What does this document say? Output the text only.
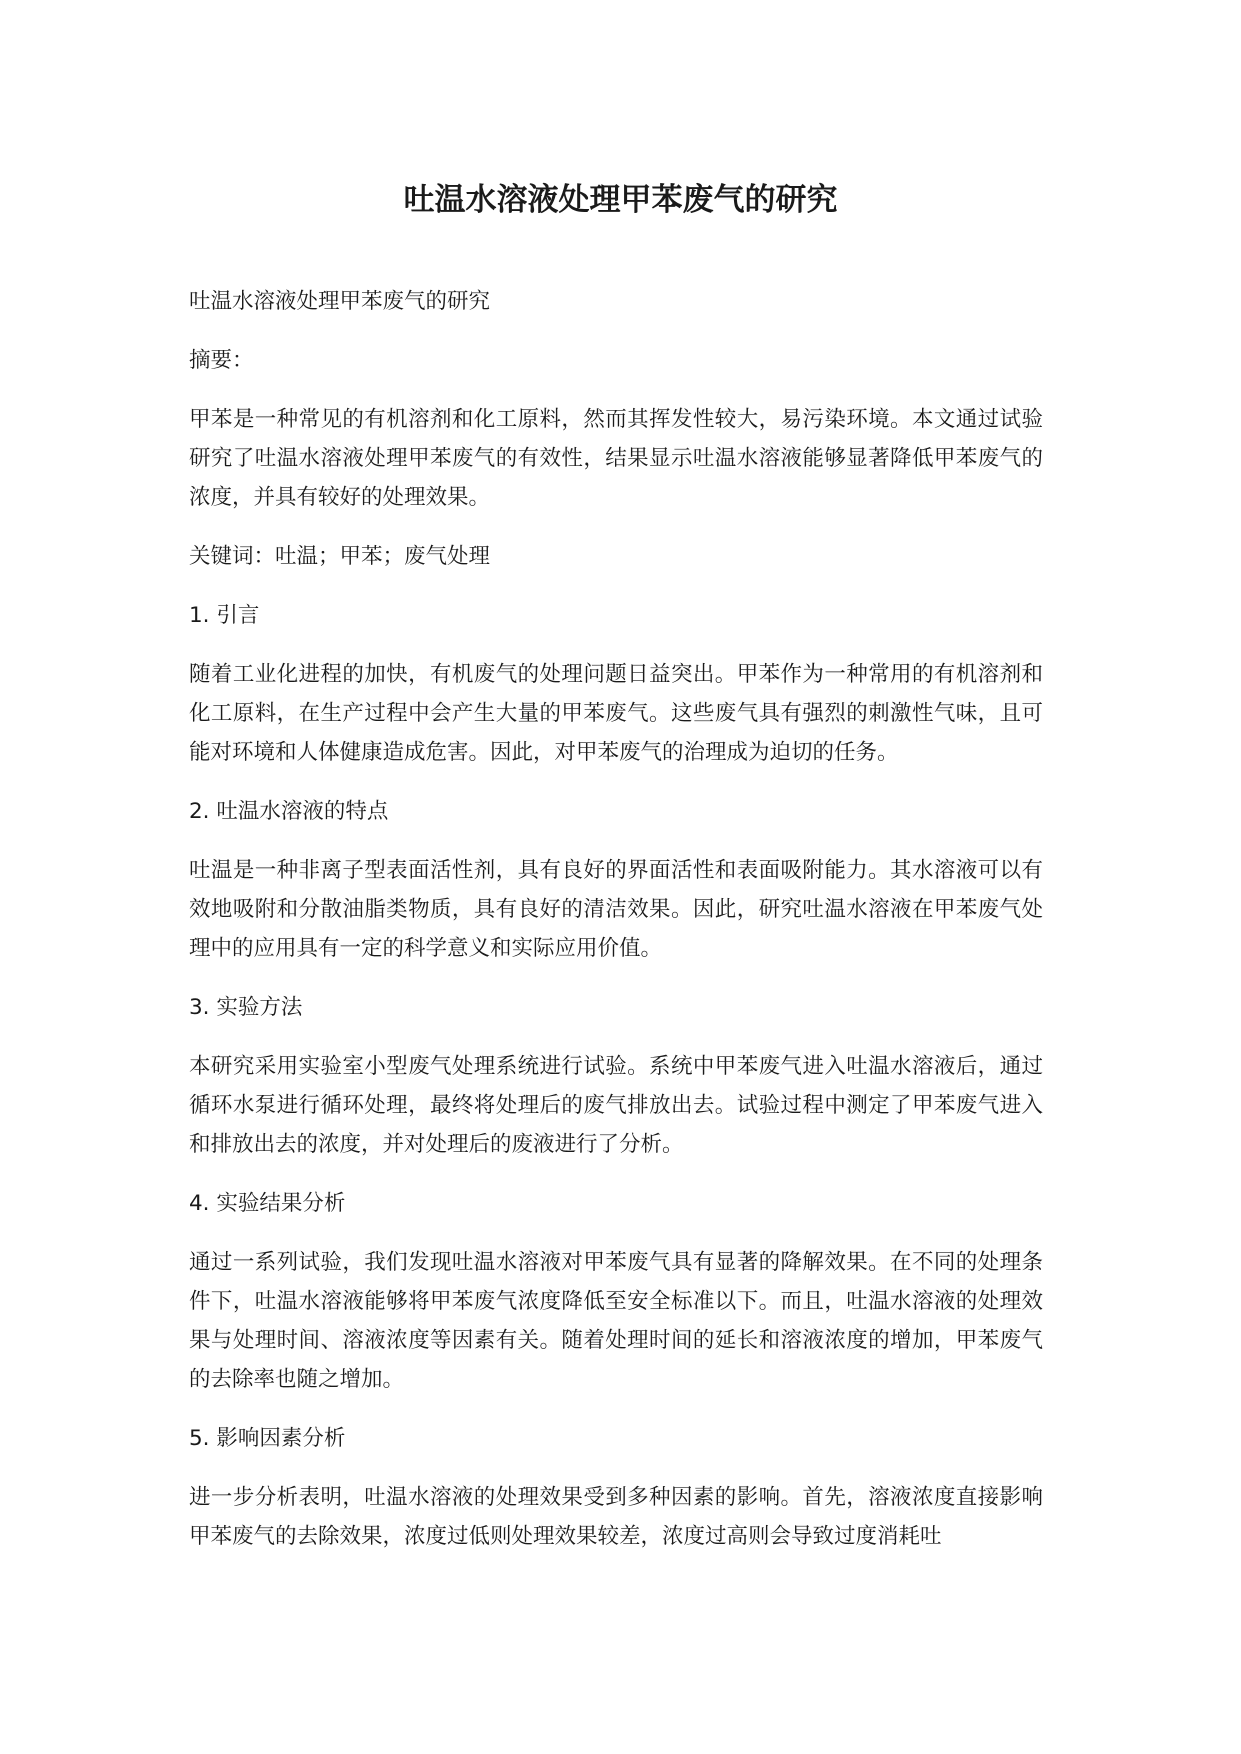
吐温水溶液处理甲苯废气的研究

吐温水溶液处理甲苯废气的研究

摘要：

甲苯是一种常见的有机溶剂和化工原料，然而其挥发性较大，易污染环境。本文通过试验研究了吐温水溶液处理甲苯废气的有效性，结果显示吐温水溶液能够显著降低甲苯废气的浓度，并具有较好的处理效果。

关键词：吐温；甲苯；废气处理

1. 引言

随着工业化进程的加快，有机废气的处理问题日益突出。甲苯作为一种常用的有机溶剂和化工原料，在生产过程中会产生大量的甲苯废气。这些废气具有强烈的刺激性气味，且可能对环境和人体健康造成危害。因此，对甲苯废气的治理成为迫切的任务。

2. 吐温水溶液的特点

吐温是一种非离子型表面活性剂，具有良好的界面活性和表面吸附能力。其水溶液可以有效地吸附和分散油脂类物质，具有良好的清洁效果。因此，研究吐温水溶液在甲苯废气处理中的应用具有一定的科学意义和实际应用价值。

3. 实验方法

本研究采用实验室小型废气处理系统进行试验。系统中甲苯废气进入吐温水溶液后，通过循环水泵进行循环处理，最终将处理后的废气排放出去。试验过程中测定了甲苯废气进入和排放出去的浓度，并对处理后的废液进行了分析。

4. 实验结果分析

通过一系列试验，我们发现吐温水溶液对甲苯废气具有显著的降解效果。在不同的处理条件下，吐温水溶液能够将甲苯废气浓度降低至安全标准以下。而且，吐温水溶液的处理效果与处理时间、溶液浓度等因素有关。随着处理时间的延长和溶液浓度的增加，甲苯废气的去除率也随之增加。

5. 影响因素分析

进一步分析表明，吐温水溶液的处理效果受到多种因素的影响。首先，溶液浓度直接影响甲苯废气的去除效果，浓度过低则处理效果较差，浓度过高则会导致过度消耗吐
